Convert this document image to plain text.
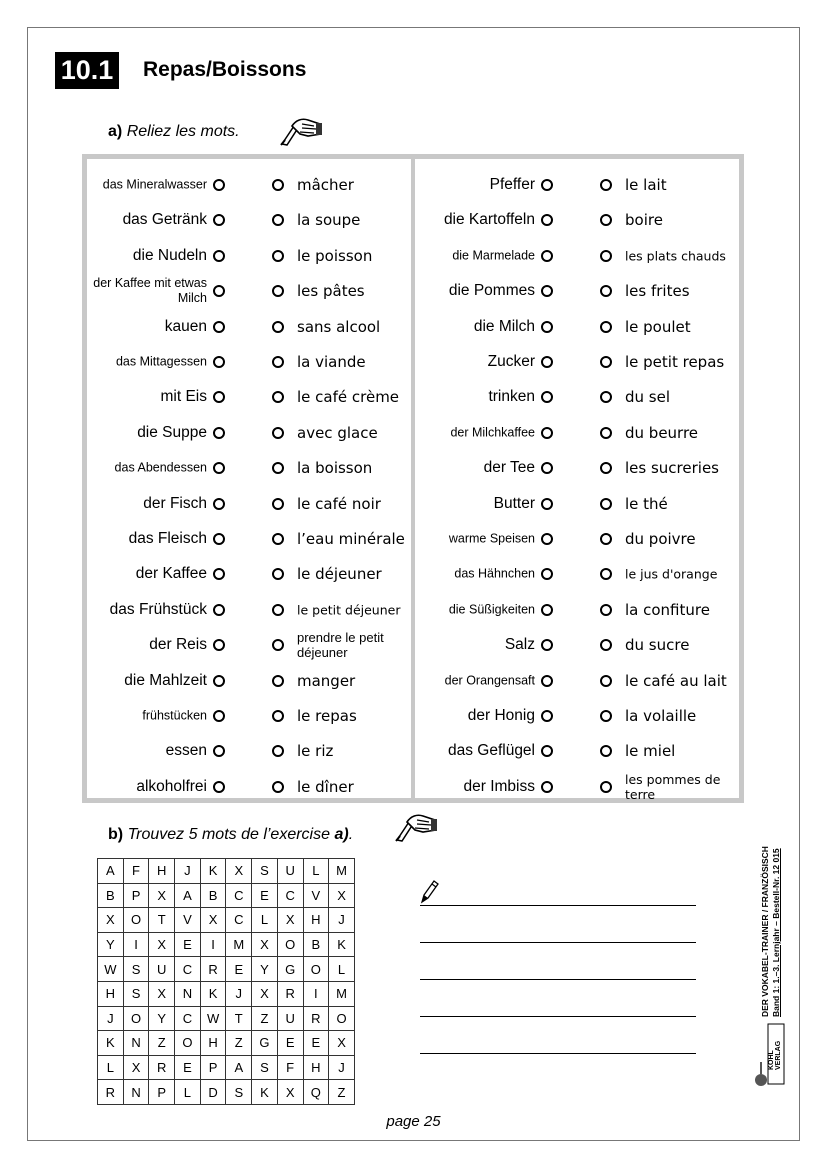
10.1 Repas/Boissons
a) Reliez les mots.
das Mineralwasser	mâcher
das Getränk	la soupe
die Nudeln	le poisson
der Kaffee mit etwas Milch	les pâtes
kauen	sans alcool
das Mittagessen	la viande
mit Eis	le café crème
die Suppe	avec glace
das Abendessen	la boisson
der Fisch	le café noir
das Fleisch	l’eau minérale
der Kaffee	le déjeuner
das Frühstück	le petit déjeuner
der Reis	prendre le petit déjeuner
die Mahlzeit	manger
frühstücken	le repas
essen	le riz
alkoholfrei	le dîner
Pfeffer	le lait
die Kartoffeln	boire
die Marmelade	les plats chauds
die Pommes	les frites
die Milch	le poulet
Zucker	le petit repas
trinken	du sel
der Milchkaffee	du beurre
der Tee	les sucreries
Butter	le thé
warme Speisen	du poivre
das Hähnchen	le jus d'orange
die Süßigkeiten	la confiture
Salz	du sucre
der Orangensaft	le café au lait
der Honig	la volaille
das Geflügel	le miel
der Imbiss	les pommes de terre
b) Trouvez 5 mots de l’exercise a).
A	F	H	J	K	X	S	U	L	M
B	P	X	A	B	C	E	C	V	X
X	O	T	V	X	C	L	X	H	J
Y	I	X	E	I	M	X	O	B	K
W	S	U	C	R	E	Y	G	O	L
H	S	X	N	K	J	X	R	I	M
J	O	Y	C	W	T	Z	U	R	O
K	N	Z	O	H	Z	G	E	E	X
L	X	R	E	P	A	S	F	H	J
R	N	P	L	D	S	K	X	Q	Z
page 25
DER VOKABEL-TRAINER / FRANZÖSISCH Band 1: 1.–3. Lernjahr – Bestell-Nr. 12 015
KOHL VERLAG
